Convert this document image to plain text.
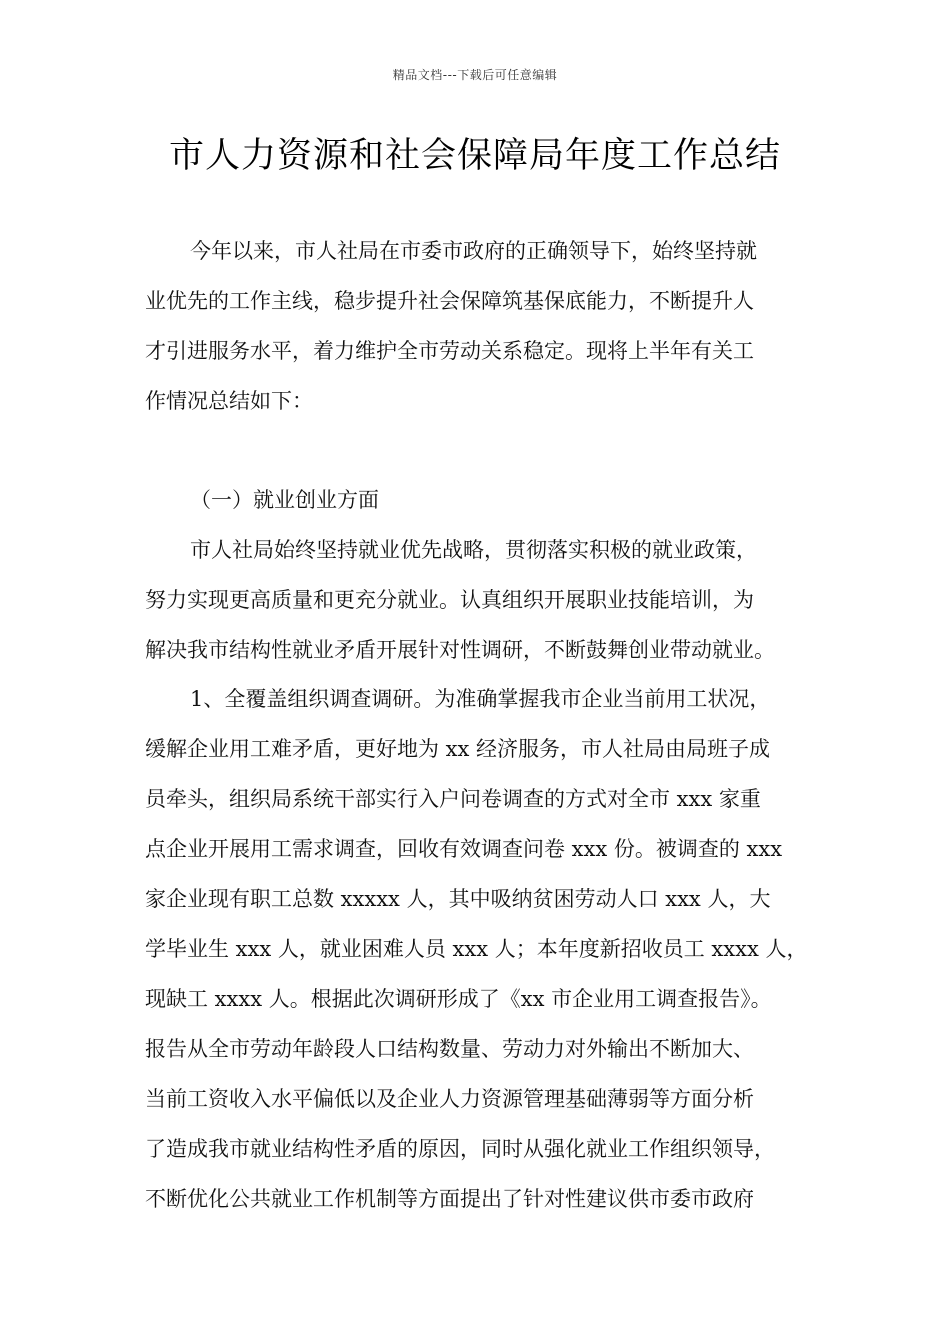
精品文档---下载后可任意编辑
市人力资源和社会保障局年度工作总结
今年以来，市人社局在市委市政府的正确领导下，始终坚持就
业优先的工作主线，稳步提升社会保障筑基保底能力，不断提升人
才引进服务水平，着力维护全市劳动关系稳定。现将上半年有关工
作情况总结如下：
（一）就业创业方面
市人社局始终坚持就业优先战略，贯彻落实积极的就业政策，
努力实现更高质量和更充分就业。认真组织开展职业技能培训，为
解决我市结构性就业矛盾开展针对性调研，不断鼓舞创业带动就业。
1、全覆盖组织调查调研。为准确掌握我市企业当前用工状况，
缓解企业用工难矛盾，更好地为 xx 经济服务，市人社局由局班子成
员牵头，组织局系统干部实行入户问卷调查的方式对全市 xxx 家重
点企业开展用工需求调查，回收有效调查问卷 xxx 份。被调查的 xxx
家企业现有职工总数 xxxxx 人，其中吸纳贫困劳动人口 xxx 人，大
学毕业生 xxx 人，就业困难人员 xxx 人；本年度新招收员工 xxxx 人，
现缺工 xxxx 人。根据此次调研形成了《xx 市企业用工调查报告》。
报告从全市劳动年龄段人口结构数量、劳动力对外输出不断加大、
当前工资收入水平偏低以及企业人力资源管理基础薄弱等方面分析
了造成我市就业结构性矛盾的原因，同时从强化就业工作组织领导，
不断优化公共就业工作机制等方面提出了针对性建议供市委市政府
